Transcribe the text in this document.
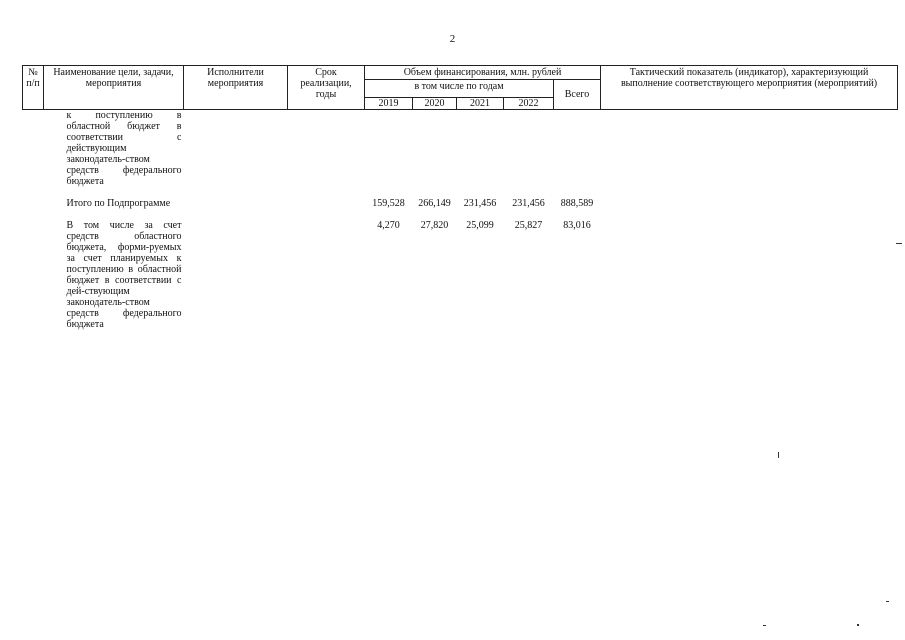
2
№ п/п	Наименование цели, задачи, мероприятия	Исполнители мероприятия	Срок реализации, годы	Объем финансирования, млн. рублей					Тактический показатель (индикатор), характеризующий выполнение соответствующего мероприятия (мероприятий)
				в том числе по годам				Всего	
				2019	2020	2021	2022		
	к поступлению в областной бюджет в соответствии с действующим законодатель-ством средств федерального бюджета								

	Итого по Подпрограмме			159,528	266,149	231,456	231,456	888,589	

	В том числе за счет средств областного бюджета, форми-руемых за счет планируемых к поступлению в областной бюджет в соответствии с дей-ствующим законодатель-ством средств федерального бюджета			4,270	27,820	25,099	25,827	83,016	
